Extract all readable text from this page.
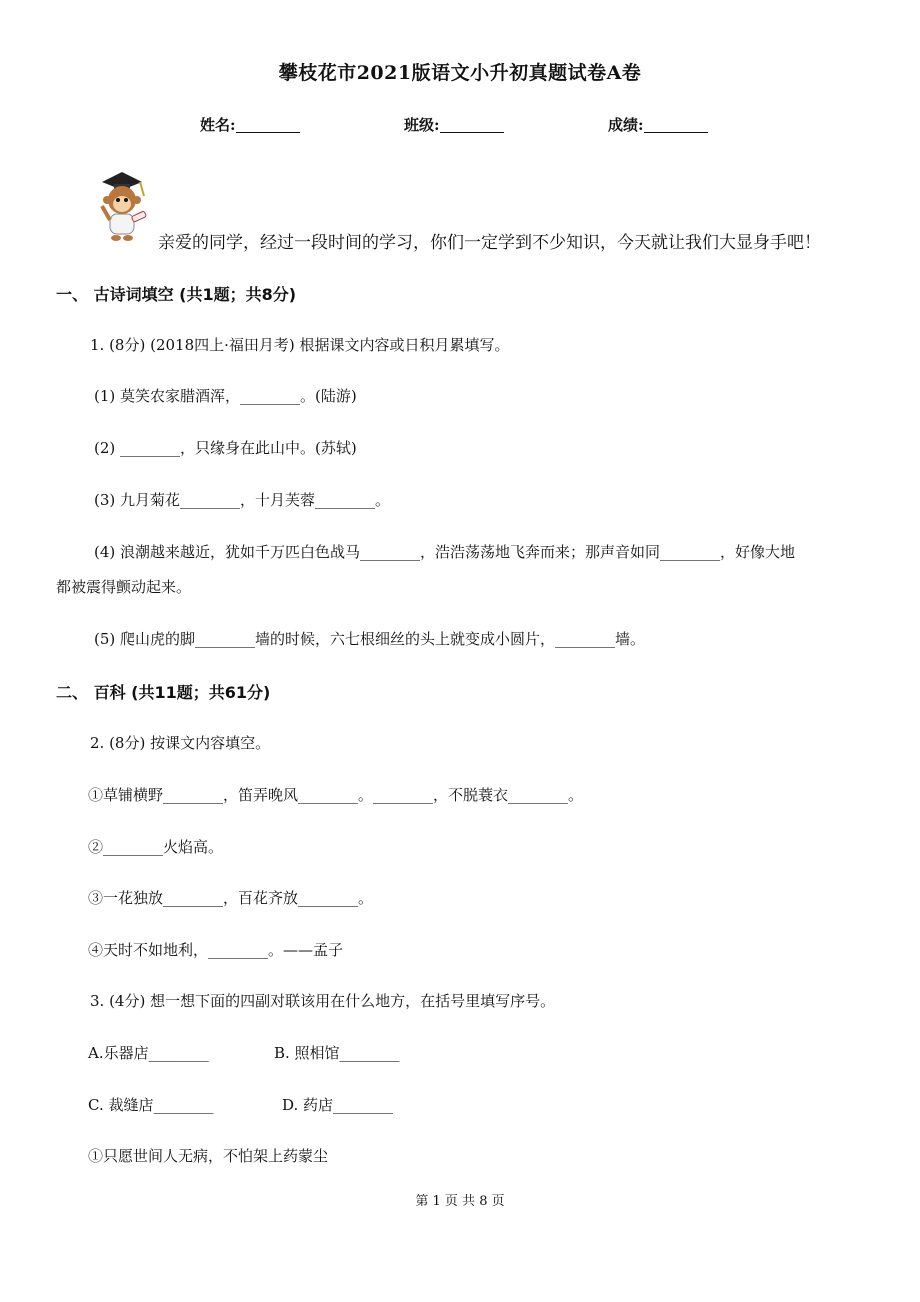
攀枝花市2021版语文小升初真题试卷A卷
姓名:	班级:	成绩:
亲爱的同学，经过一段时间的学习，你们一定学到不少知识，今天就让我们大显身手吧！
一、 古诗词填空 (共1题；共8分)
1. (8分) (2018四上·福田月考) 根据课文内容或日积月累填写。
(1) 莫笑农家腊酒浑，________。(陆游)
(2) ________，只缘身在此山中。(苏轼)
(3) 九月菊花________，十月芙蓉________。
(4) 浪潮越来越近，犹如千万匹白色战马________，浩浩荡荡地飞奔而来；那声音如同________，好像大地
都被震得颤动起来。
(5) 爬山虎的脚________墙的时候，六七根细丝的头上就变成小圆片，________墙。
二、 百科 (共11题；共61分)
2. (8分) 按课文内容填空。
①草铺横野________，笛弄晚风________。________，不脱蓑衣________。
②________火焰高。
③一花独放________，百花齐放________。
④天时不如地利，________。——孟子
3. (4分) 想一想下面的四副对联该用在什么地方，在括号里填写序号。
A.乐器店________	B. 照相馆________
C. 裁缝店________	D. 药店________
①只愿世间人无病，不怕架上药蒙尘
第 1 页 共 8 页
